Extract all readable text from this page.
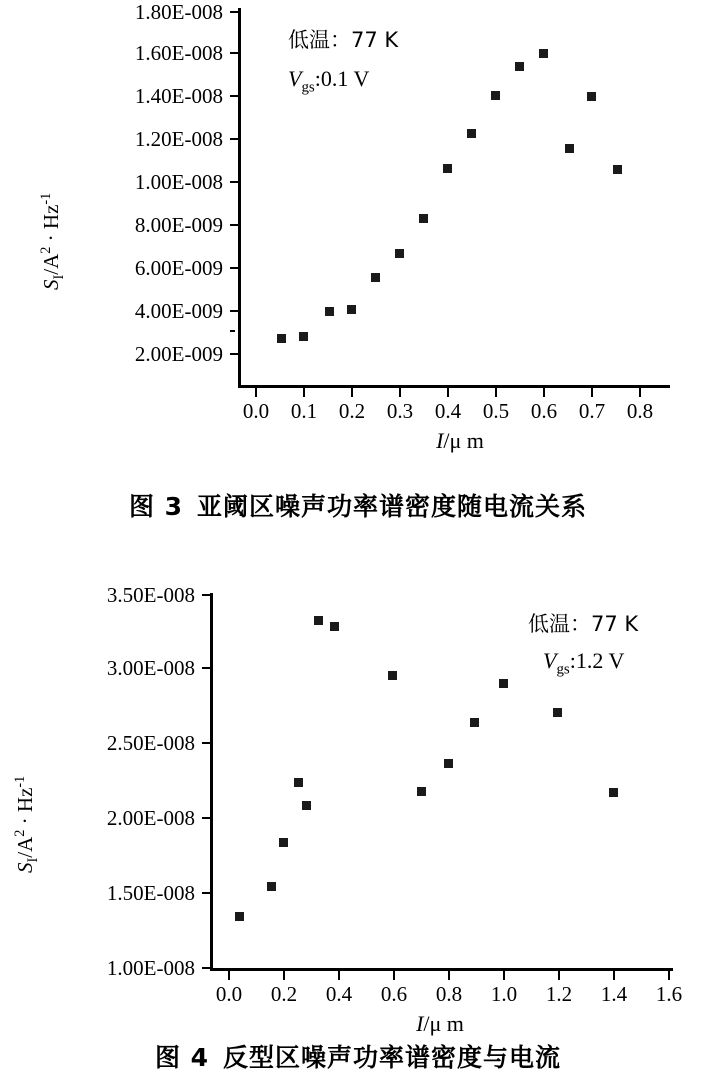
2.00E-009
4.00E-009
6.00E-009
8.00E-009
1.00E-008
1.20E-008
1.40E-008
1.60E-008
1.80E-008
$S_I/A^2 \cdot Hz^{-1}$
0.0	0.1	0.2	0.3	0.4	0.5	0.6	0.7	0.8
I/μ m
低温：77 K
$V_{gs}:0.1$ V
图 3 亚阈区噪声功率谱密度随电流关系
1.00E-008
1.50E-008
2.00E-008
2.50E-008
3.00E-008
3.50E-008
$S_I/A^2 \cdot Hz^{-1}$
0.0	0.2	0.4	0.6	0.8	1.0	1.2	1.4	1.6
I/μ m
低温：77 K
$V_{gs}:1.2$ V
图 4 反型区噪声功率谱密度与电流
